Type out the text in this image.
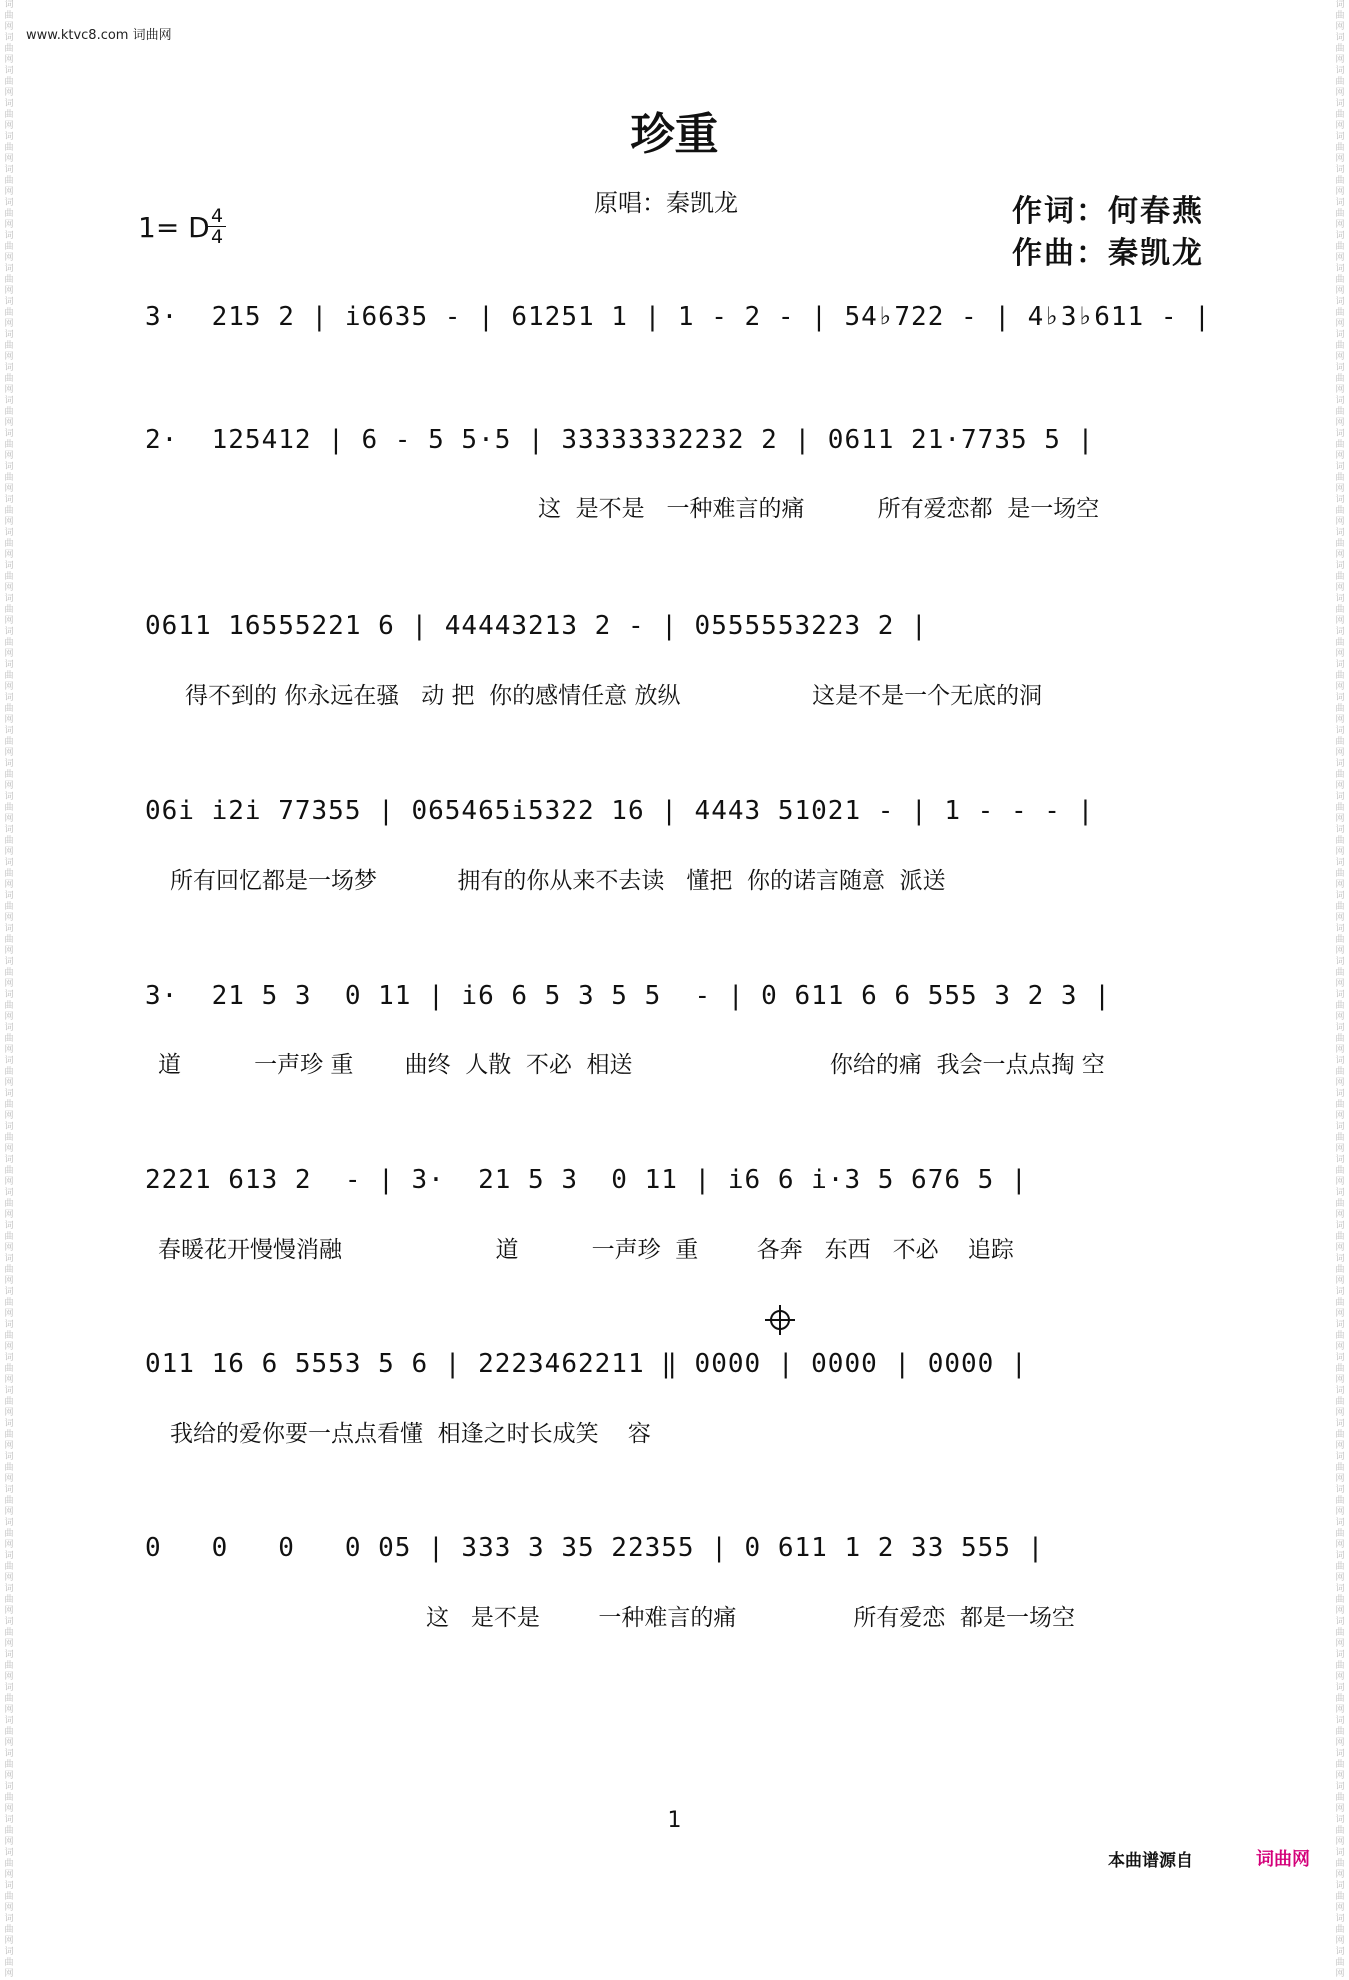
词曲网词曲网词曲网词曲网词曲网词曲网词曲网词曲网词曲网词曲网词曲网词曲网词曲网词曲网词曲网词曲网词曲网词曲网词曲网词曲网词曲网词曲网词曲网词曲网词曲网词曲网词曲网词曲网词曲网词曲网词曲网词曲网词曲网词曲网词曲网词曲网词曲网词曲网词曲网词曲网词曲网词曲网词曲网词曲网词曲网词曲网词曲网词曲网词曲网词曲网词曲网词曲网词曲网词曲网词曲网词曲网词曲网词曲网词曲网词曲网
词曲网词曲网词曲网词曲网词曲网词曲网词曲网词曲网词曲网词曲网词曲网词曲网词曲网词曲网词曲网词曲网词曲网词曲网词曲网词曲网词曲网词曲网词曲网词曲网词曲网词曲网词曲网词曲网词曲网词曲网词曲网词曲网词曲网词曲网词曲网词曲网词曲网词曲网词曲网词曲网词曲网词曲网词曲网词曲网词曲网词曲网词曲网词曲网词曲网词曲网词曲网词曲网词曲网词曲网词曲网词曲网词曲网词曲网词曲网词曲网
www.ktvc8.com 词曲网
珍重
原唱：秦凯龙	作词：何春燕
作曲：秦凯龙
1= D 4
4
3·  215 2 | i6635 - | 61251 1 | 1 - 2 - | 54♭722 - | 4♭3♭611 - |
2·  125412 | 6 - 5 5·5 | 33333332232 2 | 0611 21·7735 5 |
这  是不是   一种难言的痛          所有爱恋都  是一场空
0611 16555221 6 | 44443213 2 - | 0555553223 2 |
得不到的 你永远在骚   动 把  你的感情任意 放纵                  这是不是一个无底的洞
06i i2i 77355 | 065465i5322 16 | 4443 51021 - | 1 - - - |
所有回忆都是一场梦           拥有的你从来不去读   懂把  你的诺言随意  派送
3·  21 5 3  0 11 | i6 6 5 3 5 5  - | 0 611 6 6 555 3 2 3 |
道          一声珍 重       曲终  人散  不必  相送                           你给的痛  我会一点点掏 空
2221 613 2  - | 3·  21 5 3  0 11 | i6 6 i·3 5 676 5 |
春暖花开慢慢消融                     道          一声珍  重        各奔   东西   不必    追踪
011 16 6 5553 5 6 | 2223462211 ‖ 0000 | 0000 | 0000 |
我给的爱你要一点点看懂  相逢之时长成笑    容
0   0   0   0 05 | 333 3 35 22355 | 0 611 1 2 33 555 |
这   是不是        一种难言的痛                所有爱恋  都是一场空
1
本曲谱源自	词曲网
